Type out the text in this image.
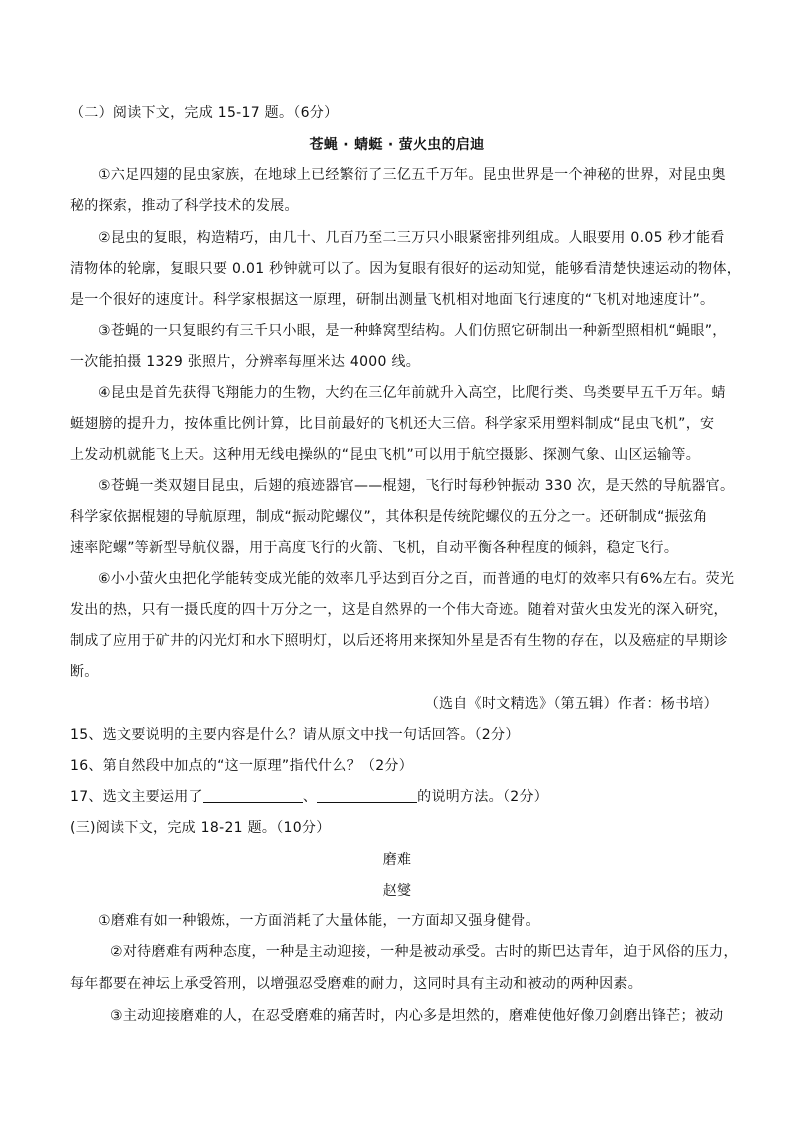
（二）阅读下文，完成 15-17 题。（6分）
苍蝇 · 蜻蜓 · 萤火虫的启迪
①六足四翅的昆虫家族，在地球上已经繁衍了三亿五千万年。昆虫世界是一个神秘的世界，对昆虫奥
秘的探索，推动了科学技术的发展。
②昆虫的复眼，构造精巧，由几十、几百乃至二三万只小眼紧密排列组成。人眼要用 0.05 秒才能看
清物体的轮廓，复眼只要 0.01 秒钟就可以了。因为复眼有很好的运动知觉，能够看清楚快速运动的物体，
是一个很好的速度计。科学家根据这一原理，研制出测量飞机相对地面飞行速度的“飞机对地速度计”。
③苍蝇的一只复眼约有三千只小眼，是一种蜂窝型结构。人们仿照它研制出一种新型照相机“蝇眼”，
一次能拍摄 1329 张照片，分辨率每厘米达 4000 线。
④昆虫是首先获得飞翔能力的生物，大约在三亿年前就升入高空，比爬行类、鸟类要早五千万年。蜻
蜓翅膀的提升力，按体重比例计算，比目前最好的飞机还大三倍。科学家采用塑料制成“昆虫飞机”，安
上发动机就能飞上天。这种用无线电操纵的“昆虫飞机”可以用于航空摄影、探测气象、山区运输等。
⑤苍蝇一类双翅目昆虫，后翅的痕迹器官——棍翅，飞行时每秒钟振动 330 次，是天然的导航器官。
科学家依据棍翅的导航原理，制成“振动陀螺仪”，其体积是传统陀螺仪的五分之一。还研制成“振弦角
速率陀螺”等新型导航仪器，用于高度飞行的火箭、飞机，自动平衡各种程度的倾斜，稳定飞行。
⑥小小萤火虫把化学能转变成光能的效率几乎达到百分之百，而普通的电灯的效率只有6%左右。荧光
发出的热，只有一摄氏度的四十万分之一，这是自然界的一个伟大奇迹。随着对萤火虫发光的深入研究，
制成了应用于矿井的闪光灯和水下照明灯，以后还将用来探知外星是否有生物的存在，以及癌症的早期诊
断。
（选自《时文精选》（第五辑）作者：杨书培）
15、选文要说明的主要内容是什么？请从原文中找一句话回答。（2分）
16、第自然段中加点的“这一原理”指代什么？（2分）
17、选文主要运用了	、	的说明方法。（2分）
(三)阅读下文，完成 18-21 题。（10分）
磨难
赵燮
①磨难有如一种锻炼，一方面消耗了大量体能，一方面却又强身健骨。
②对待磨难有两种态度，一种是主动迎接，一种是被动承受。古时的斯巴达青年，迫于风俗的压力，
每年都要在神坛上承受笞刑，以增强忍受磨难的耐力，这同时具有主动和被动的两种因素。
③主动迎接磨难的人，在忍受磨难的痛苦时，内心多是坦然的，磨难使他好像刀剑磨出锋芒；被动
